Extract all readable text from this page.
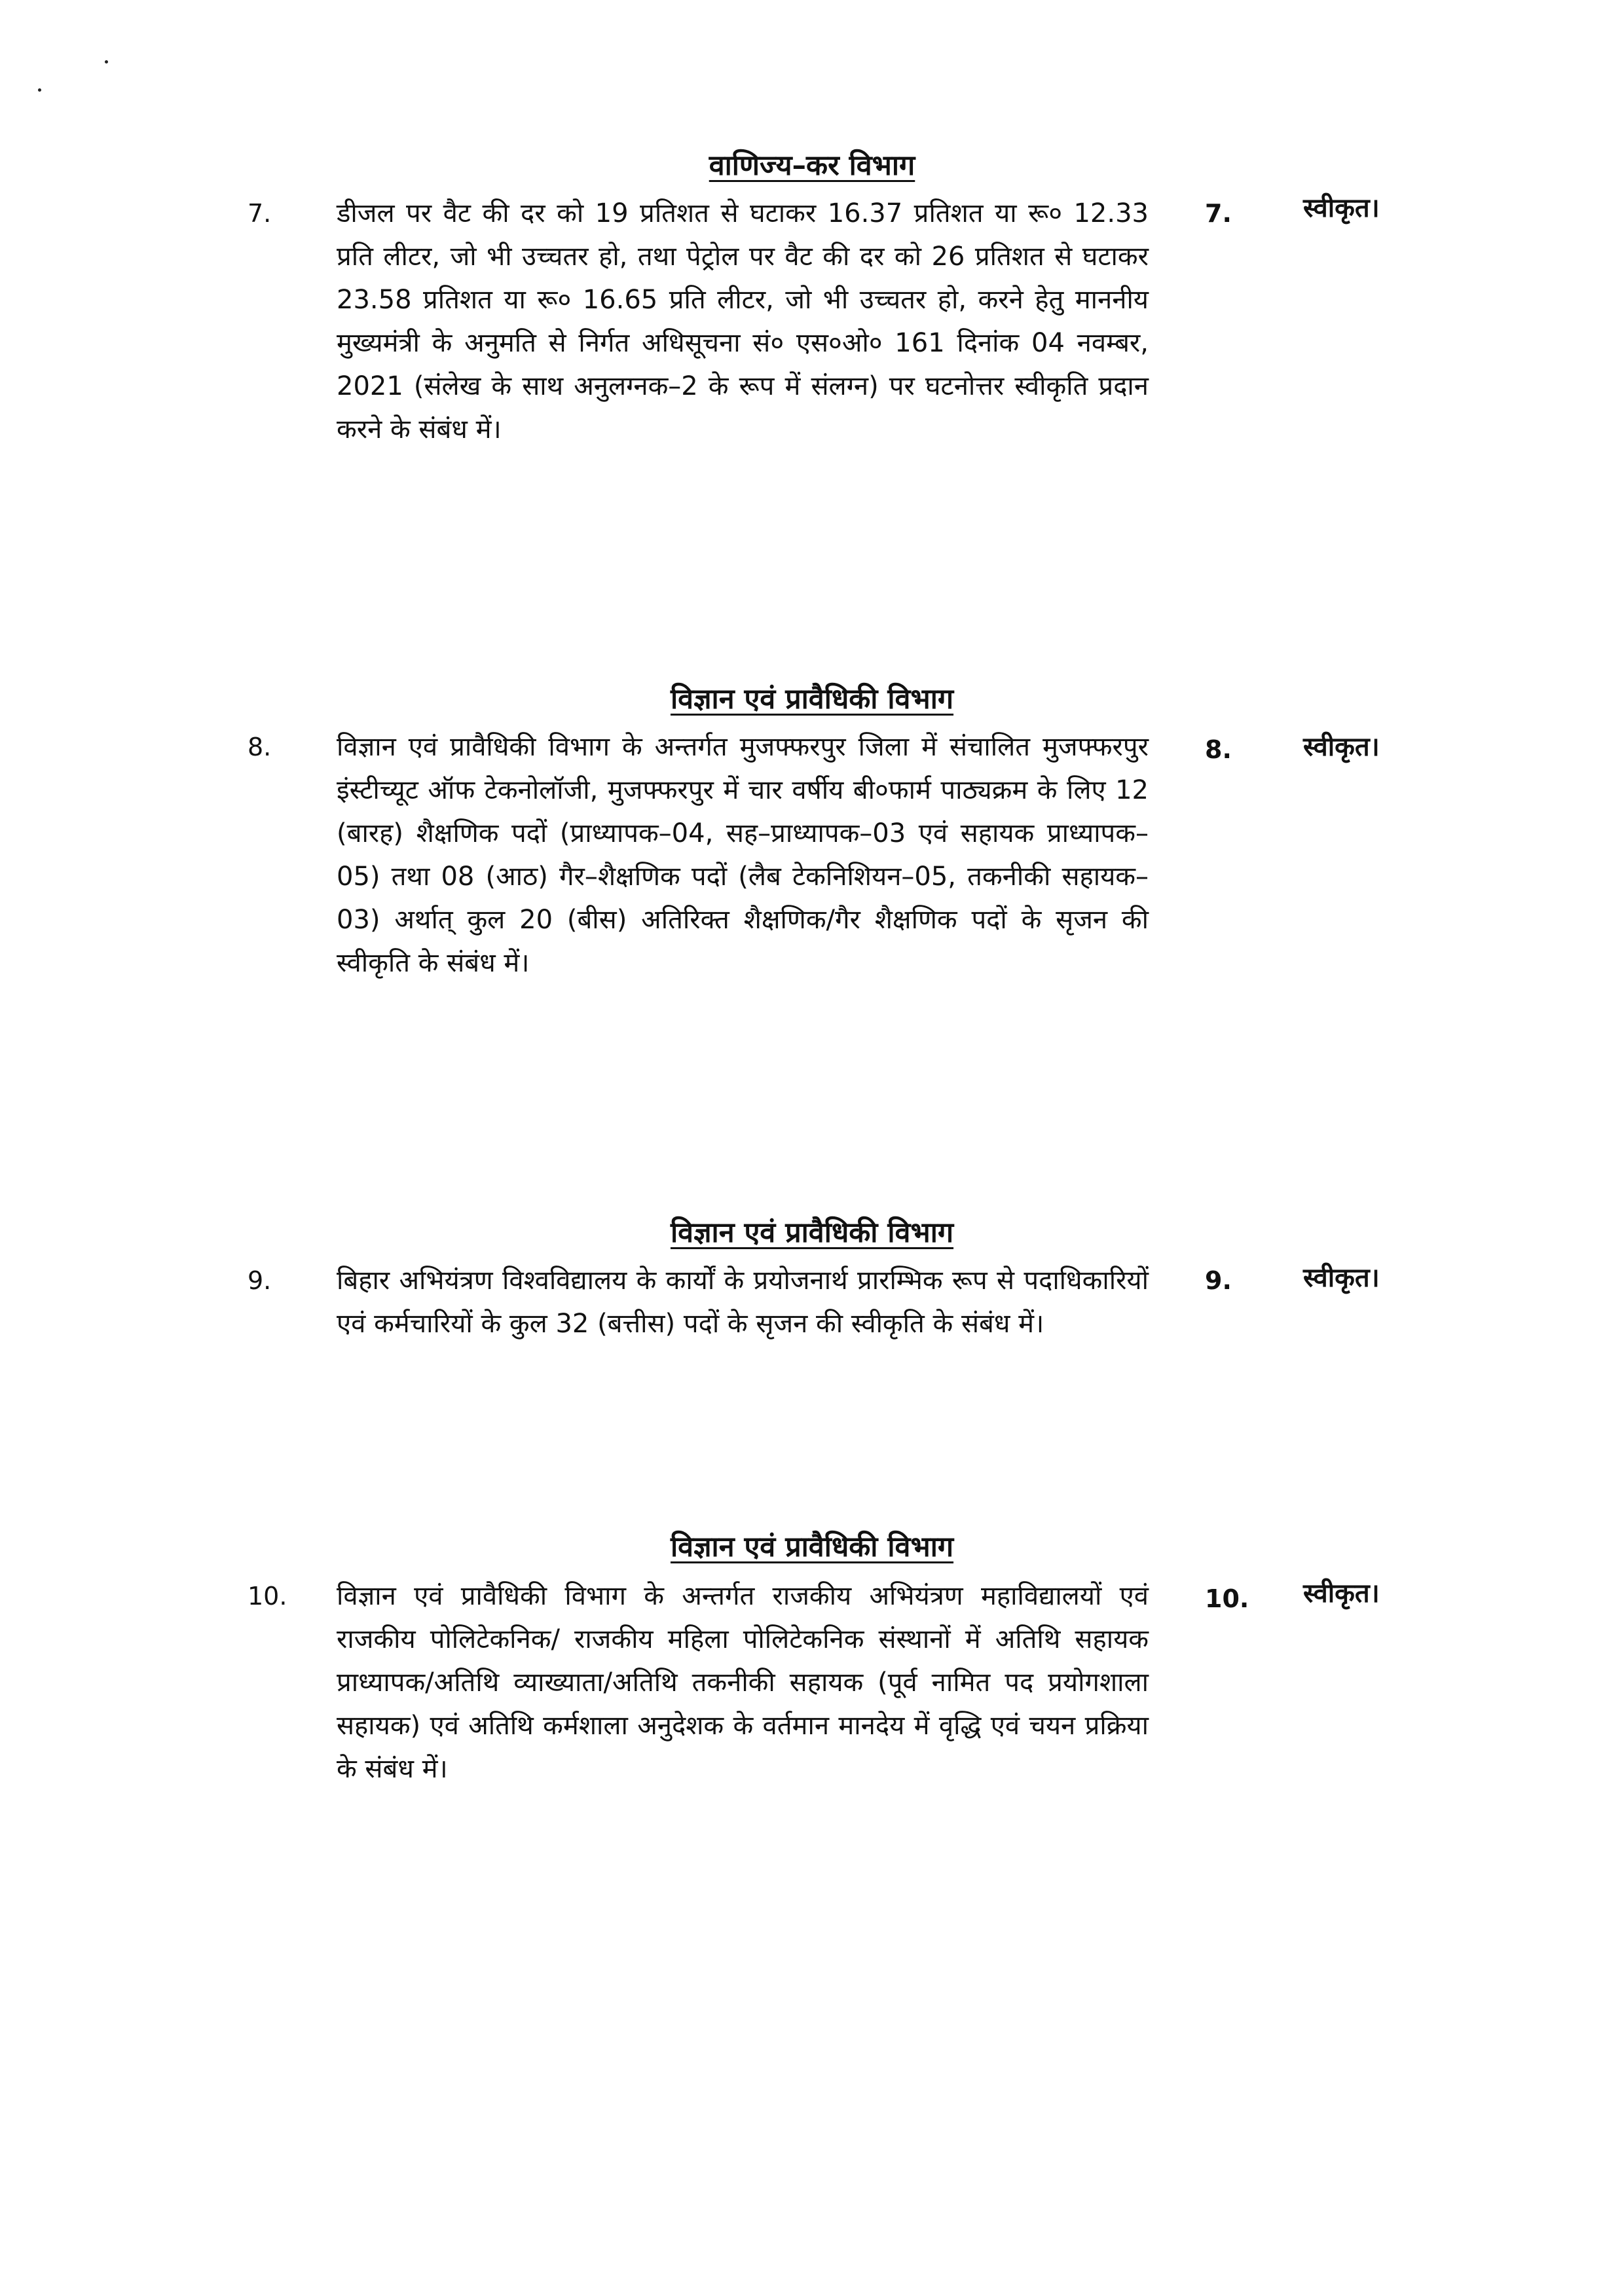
वाणिज्य–कर विभाग
7. डीजल पर वैट की दर को 19 प्रतिशत से घटाकर 16.37 प्रतिशत या रू० 12.33 प्रति लीटर, जो भी उच्चतर हो, तथा पेट्रोल पर वैट की दर को 26 प्रतिशत से घटाकर 23.58 प्रतिशत या रू० 16.65 प्रति लीटर, जो भी उच्चतर हो, करने हेतु माननीय मुख्यमंत्री के अनुमति से निर्गत अधिसूचना सं० एस०ओ० 161 दिनांक 04 नवम्बर, 2021 (संलेख के साथ अनुलग्नक–2 के रूप में संलग्न) पर घटनोत्तर स्वीकृति प्रदान करने के संबंध में।
7.	स्वीकृत।
विज्ञान एवं प्रावैधिकी विभाग
8. विज्ञान एवं प्रावैधिकी विभाग के अन्तर्गत मुजफ्फरपुर जिला में संचालित मुजफ्फरपुर इंस्टीच्यूट ऑफ टेकनोलॉजी, मुजफ्फरपुर में चार वर्षीय बी०फार्म पाठ्यक्रम के लिए 12 (बारह) शैक्षणिक पदों (प्राध्यापक–04, सह–प्राध्यापक–03 एवं सहायक प्राध्यापक–05) तथा 08 (आठ) गैर–शैक्षणिक पदों (लैब टेकनिशियन–05, तकनीकी सहायक–03) अर्थात् कुल 20 (बीस) अतिरिक्त शैक्षणिक/गैर शैक्षणिक पदों के सृजन की स्वीकृति के संबंध में।
8.	स्वीकृत।
विज्ञान एवं प्रावैधिकी विभाग
9. बिहार अभियंत्रण विश्वविद्यालय के कार्यों के प्रयोजनार्थ प्रारम्भिक रूप से पदाधिकारियों एवं कर्मचारियों के कुल 32 (बत्तीस) पदों के सृजन की स्वीकृति के संबंध में।
9.	स्वीकृत।
विज्ञान एवं प्रावैधिकी विभाग
10. विज्ञान एवं प्रावैधिकी विभाग के अन्तर्गत राजकीय अभियंत्रण महाविद्यालयों एवं राजकीय पोलिटेकनिक/ राजकीय महिला पोलिटेकनिक संस्थानों में अतिथि सहायक प्राध्यापक/अतिथि व्याख्याता/अतिथि तकनीकी सहायक (पूर्व नामित पद प्रयोगशाला सहायक) एवं अतिथि कर्मशाला अनुदेशक के वर्तमान मानदेय में वृद्धि एवं चयन प्रक्रिया के संबंध में।
10. स्वीकृत।
